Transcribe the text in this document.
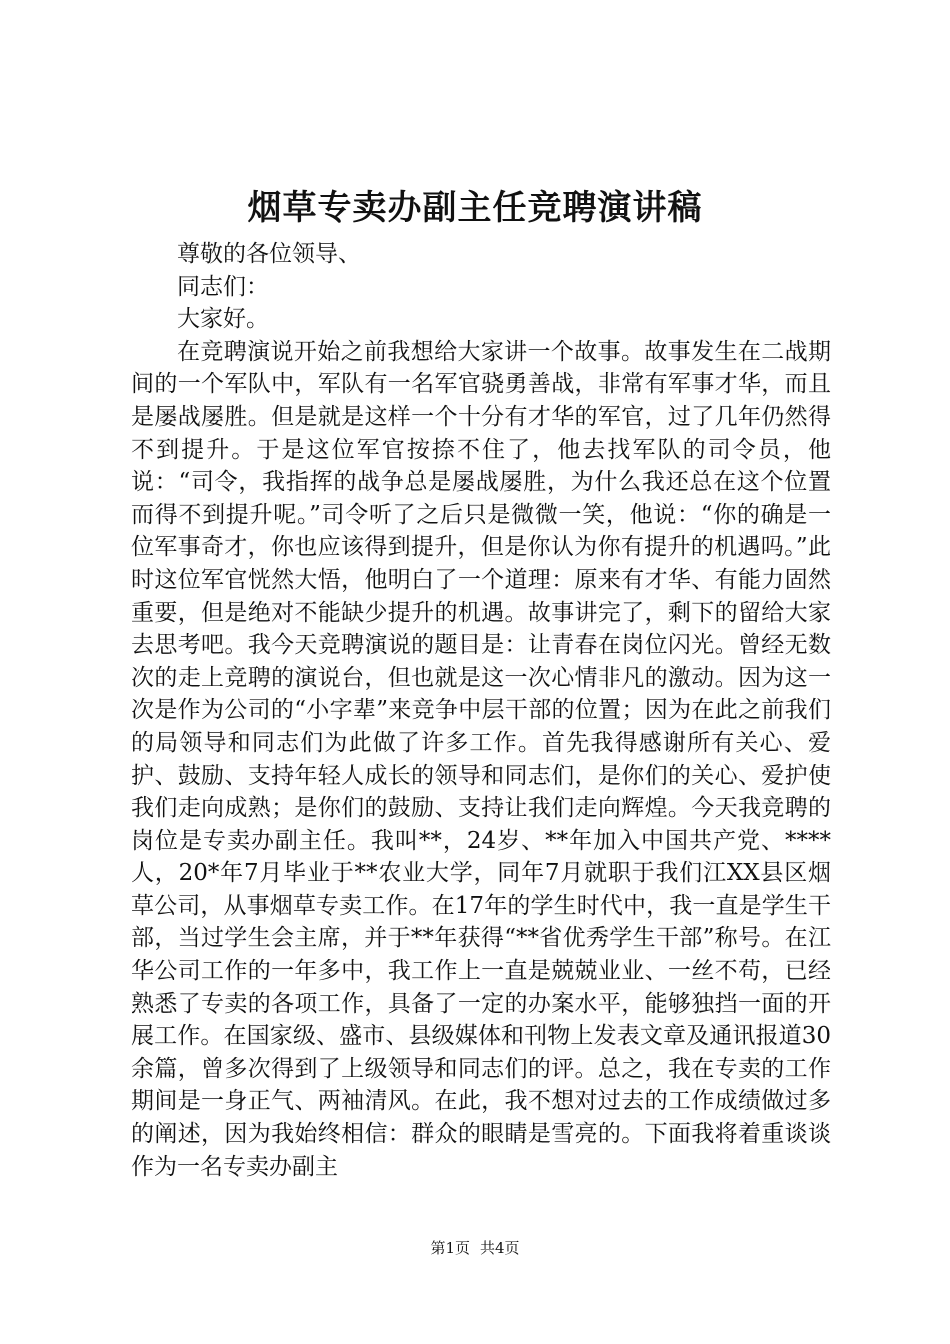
烟草专卖办副主任竞聘演讲稿

尊敬的各位领导、

同志们：

大家好。

在竞聘演说开始之前我想给大家讲一个故事。故事发生在二战期间的一个军队中，军队有一名军官骁勇善战，非常有军事才华，而且是屡战屡胜。但是就是这样一个十分有才华的军官，过了几年仍然得不到提升。于是这位军官按捺不住了，他去找军队的司令员，他说：“司令，我指挥的战争总是屡战屡胜，为什么我还总在这个位置而得不到提升呢。”司令听了之后只是微微一笑，他说：“你的确是一位军事奇才，你也应该得到提升，但是你认为你有提升的机遇吗。”此时这位军官恍然大悟，他明白了一个道理：原来有才华、有能力固然重要，但是绝对不能缺少提升的机遇。故事讲完了，剩下的留给大家去思考吧。我今天竞聘演说的题目是：让青春在岗位闪光。曾经无数次的走上竞聘的演说台，但也就是这一次心情非凡的激动。因为这一次是作为公司的“小字辈”来竞争中层干部的位置；因为在此之前我们的局领导和同志们为此做了许多工作。首先我得感谢所有关心、爱护、鼓励、支持年轻人成长的领导和同志们，是你们的关心、爱护使我们走向成熟；是你们的鼓励、支持让我们走向辉煌。今天我竞聘的岗位是专卖办副主任。我叫**，24岁、**年加入中国共产党、****人，20*年7月毕业于**农业大学，同年7月就职于我们江XX县区烟草公司，从事烟草专卖工作。在17年的学生时代中，我一直是学生干部，当过学生会主席，并于**年获得“**省优秀学生干部”称号。在江华公司工作的一年多中，我工作上一直是兢兢业业、一丝不苟，已经熟悉了专卖的各项工作，具备了一定的办案水平，能够独挡一面的开展工作。在国家级、盛市、县级媒体和刊物上发表文章及通讯报道30余篇，曾多次得到了上级领导和同志们的评。总之，我在专卖的工作期间是一身正气、两袖清风。在此，我不想对过去的工作成绩做过多的阐述，因为我始终相信：群众的眼睛是雪亮的。下面我将着重谈谈作为一名专卖办副主

第1页 共4页
